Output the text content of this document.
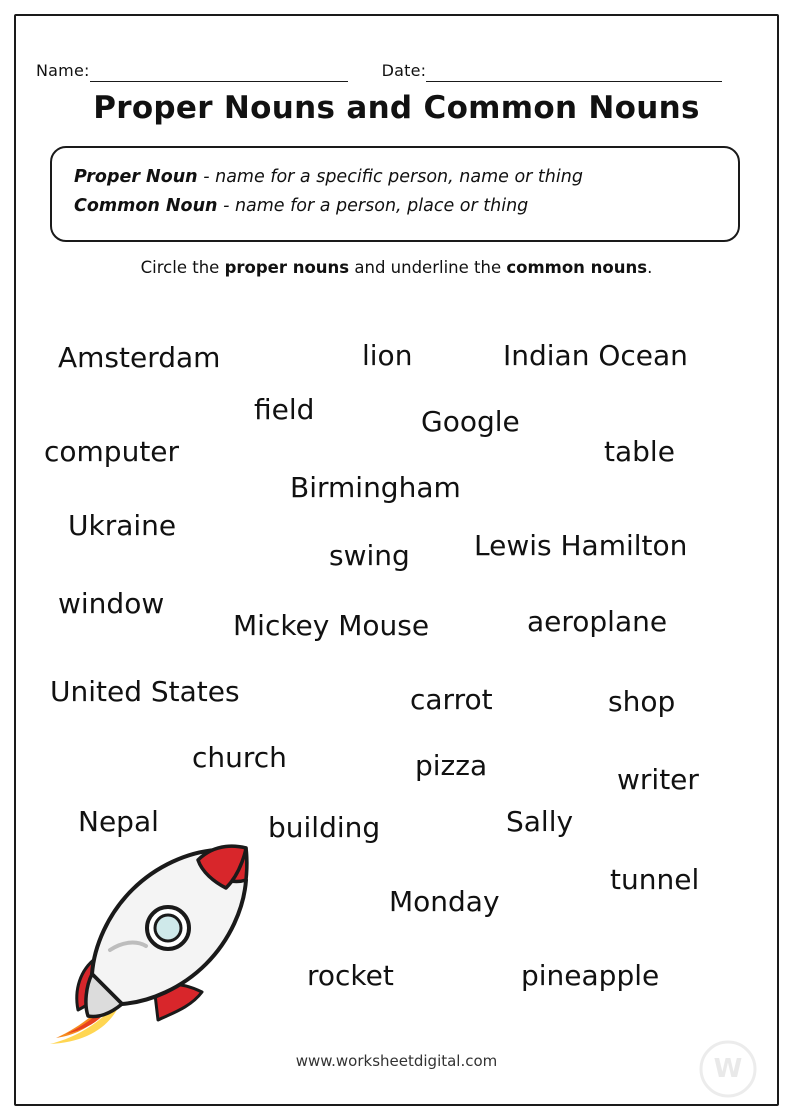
Name:	Date:
Proper Nouns and Common Nouns
Proper Noun - name for a specific person, name or thing
Common Noun - name for a person, place or thing
Circle the proper nouns and underline the common nouns.
Amsterdam	lion	Indian Ocean
field	Google
computer	table
Birmingham
Ukraine
swing Lewis Hamilton
window
Mickey Mouse	aeroplane
United States	carrot	shop
church	pizza	writer
Nepal	building	Sally
tunnel
Monday
rocket	pineapple
www.worksheetdigital.com	W
